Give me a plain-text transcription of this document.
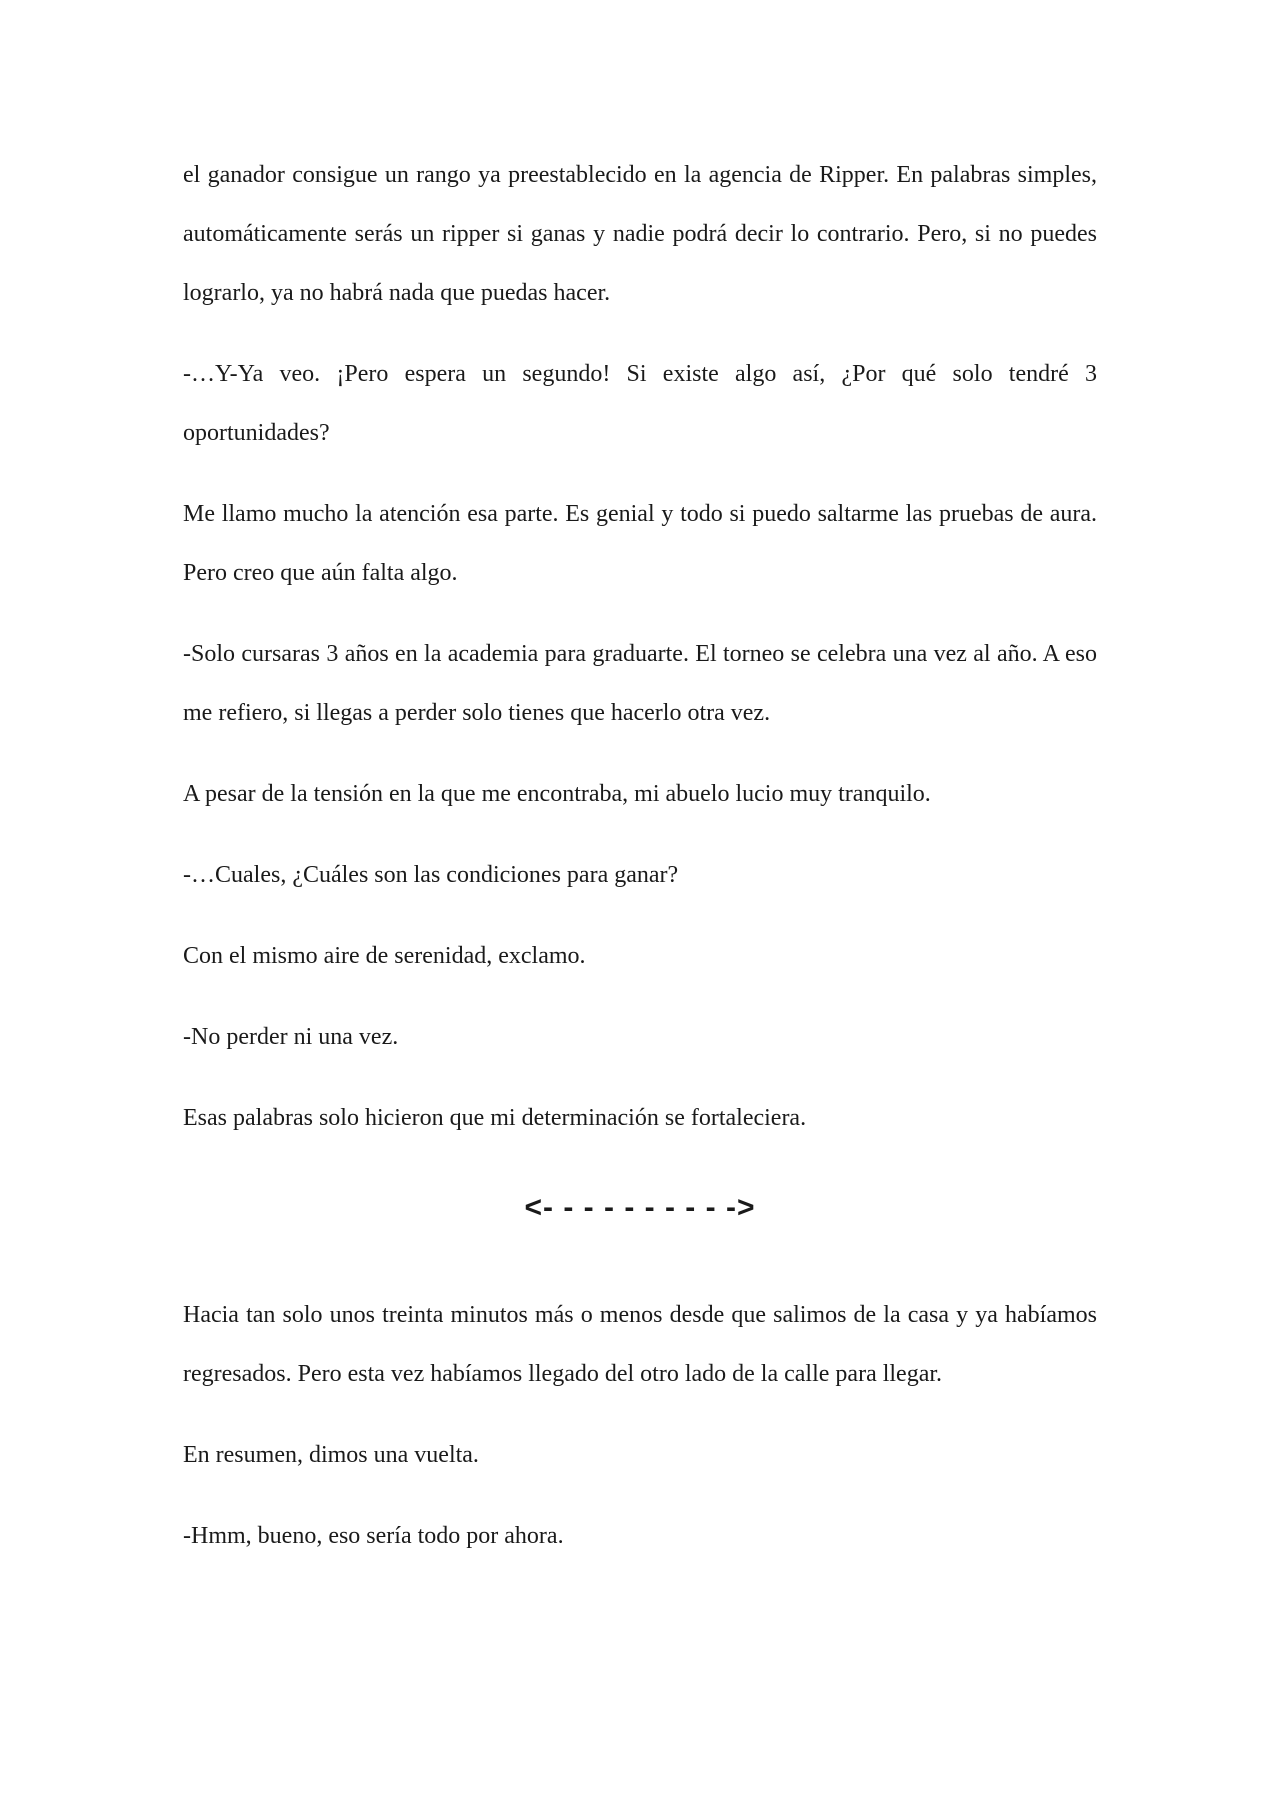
el ganador consigue un rango ya preestablecido en la agencia de Ripper. En palabras simples, automáticamente serás un ripper si ganas y nadie podrá decir lo contrario. Pero, si no puedes lograrlo, ya no habrá nada que puedas hacer.

-…Y-Ya veo. ¡Pero espera un segundo! Si existe algo así, ¿Por qué solo tendré 3 oportunidades?

Me llamo mucho la atención esa parte. Es genial y todo si puedo saltarme las pruebas de aura. Pero creo que aún falta algo.

-Solo cursaras 3 años en la academia para graduarte. El torneo se celebra una vez al año. A eso me refiero, si llegas a perder solo tienes que hacerlo otra vez.

A pesar de la tensión en la que me encontraba, mi abuelo lucio muy tranquilo.

-…Cuales, ¿Cuáles son las condiciones para ganar?

Con el mismo aire de serenidad, exclamo.

-No perder ni una vez.

Esas palabras solo hicieron que mi determinación se fortaleciera.

<- - - - - - - - - ->

Hacia tan solo unos treinta minutos más o menos desde que salimos de la casa y ya habíamos regresados. Pero esta vez habíamos llegado del otro lado de la calle para llegar.

En resumen, dimos una vuelta.

-Hmm, bueno, eso sería todo por ahora.
